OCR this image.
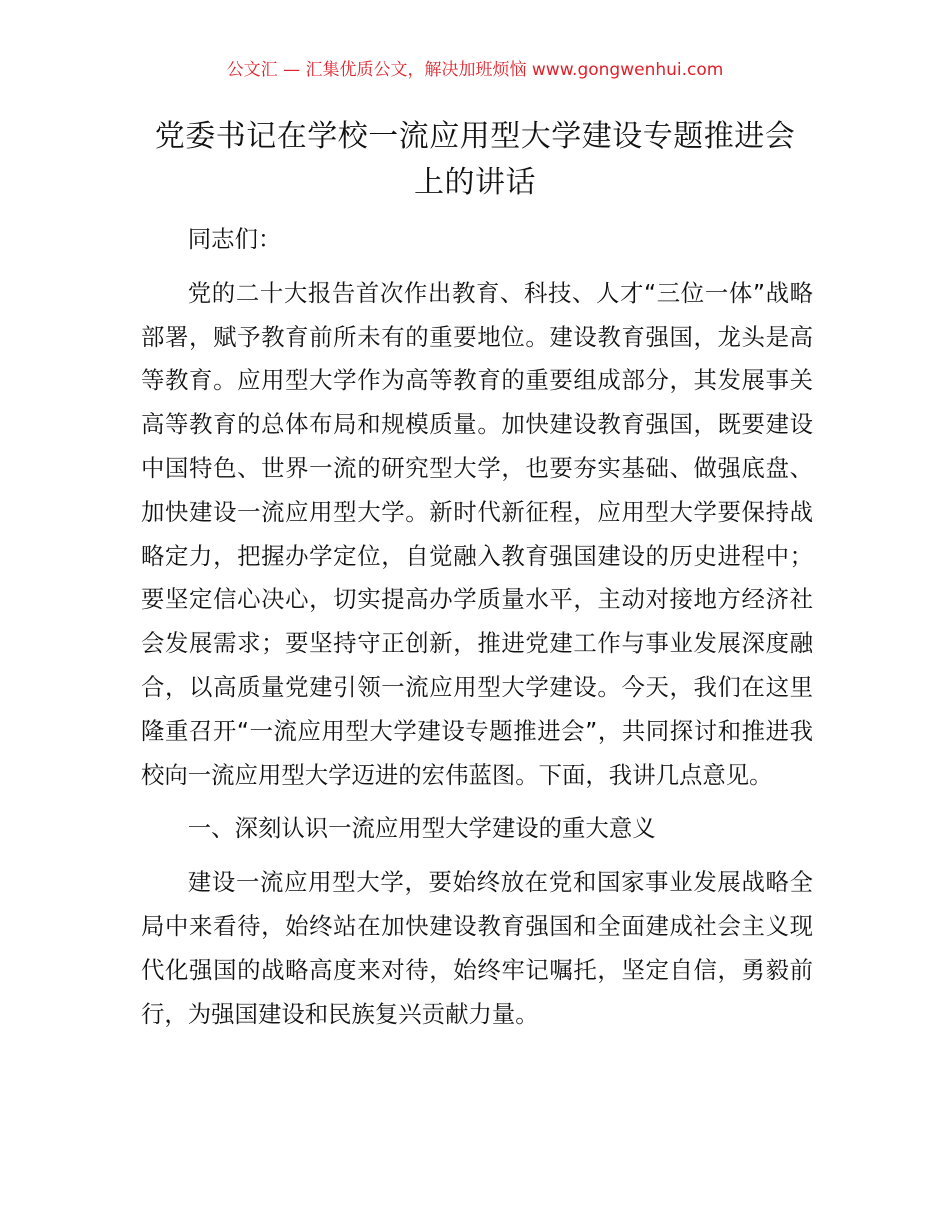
公文汇 — 汇集优质公文，解决加班烦恼 www.gongwenhui.com
党委书记在学校一流应用型大学建设专题推进会上的讲话

同志们：

党的二十大报告首次作出教育、科技、人才“三位一体”战略部署，赋予教育前所未有的重要地位。建设教育强国，龙头是高等教育。应用型大学作为高等教育的重要组成部分，其发展事关高等教育的总体布局和规模质量。加快建设教育强国，既要建设中国特色、世界一流的研究型大学，也要夯实基础、做强底盘、加快建设一流应用型大学。新时代新征程，应用型大学要保持战略定力，把握办学定位，自觉融入教育强国建设的历史进程中；要坚定信心决心，切实提高办学质量水平，主动对接地方经济社会发展需求；要坚持守正创新，推进党建工作与事业发展深度融合，以高质量党建引领一流应用型大学建设。今天，我们在这里隆重召开“一流应用型大学建设专题推进会”，共同探讨和推进我校向一流应用型大学迈进的宏伟蓝图。下面，我讲几点意见。

一、深刻认识一流应用型大学建设的重大意义

建设一流应用型大学，要始终放在党和国家事业发展战略全局中来看待，始终站在加快建设教育强国和全面建成社会主义现代化强国的战略高度来对待，始终牢记嘱托，坚定自信，勇毅前行，为强国建设和民族复兴贡献力量。
